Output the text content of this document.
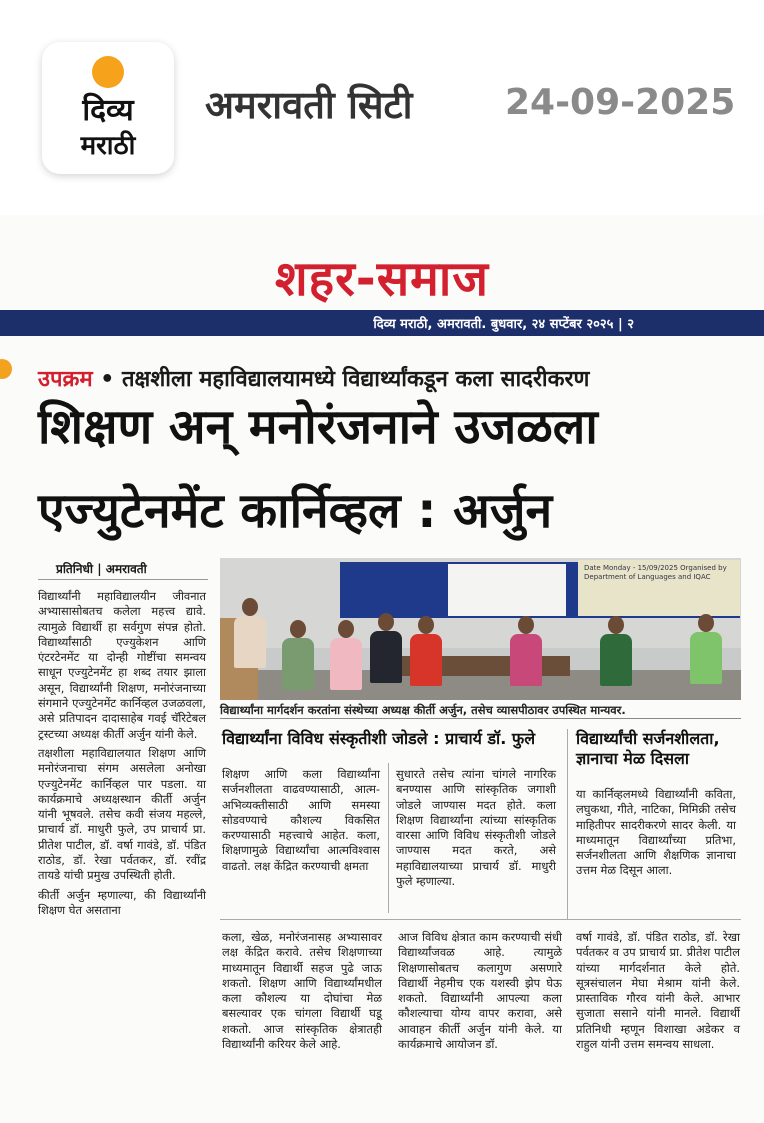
दिव्य
मराठी
अमरावती सिटी	24-09-2025
शहर-समाज
दिव्य मराठी, अमरावती. बुधवार, २४ सप्टेंबर २०२५ | २
उपक्रम • तक्षशीला महाविद्यालयामध्ये विद्यार्थ्यांकडून कला सादरीकरण
शिक्षण अन् मनोरंजनाने उजळला
एज्युटेनमेंट कार्निव्हल : अर्जुन
प्रतिनिधी | अमरावती

विद्यार्थ्यांनी महाविद्यालयीन जीवनात अभ्यासासोबतच कलेला महत्त्व द्यावे. त्यामुळे विद्यार्थी हा सर्वगुण संपन्न होतो. विद्यार्थ्यांसाठी एज्युकेशन आणि एंटरटेनमेंट या दोन्ही गोष्टींचा समन्वय साधून एज्युटेनमेंट हा शब्द तयार झाला असून, विद्यार्थ्यांनी शिक्षण, मनोरंजनाच्या संगमाने एज्युटेनमेंट कार्निव्हल उजळवला, असे प्रतिपादन दादासाहेब गवई चॅरिटेबल ट्रस्टच्या अध्यक्ष कीर्ती अर्जुन यांनी केले.

तक्षशीला महाविद्यालयात शिक्षण आणि मनोरंजनाचा संगम असलेला अनोखा एज्युटेनमेंट कार्निव्हल पार पडला. या कार्यक्रमाचे अध्यक्षस्थान कीर्ती अर्जुन यांनी भूषवले. तसेच कवी संजय महल्ले, प्राचार्य डॉ. माधुरी फुले, उप प्राचार्य प्रा. प्रीतेश पाटील, डॉ. वर्षा गावंडे, डॉ. पंडित राठोड, डॉ. रेखा पर्वतकर, डॉ. रवींद्र तायडे यांची प्रमुख उपस्थिती होती.

कीर्ती अर्जुन म्हणाल्या, की विद्यार्थ्यांनी शिक्षण घेत असताना

Date Monday - 15/09/2025 Organised by Department of Languages and IQAC
विद्यार्थ्यांना मार्गदर्शन करतांना संस्थेच्या अध्यक्ष कीर्ती अर्जुन, तसेच व्यासपीठावर उपस्थित मान्यवर.
विद्यार्थ्यांना विविध संस्कृतीशी जोडले : प्राचार्य डॉ. फुले
शिक्षण आणि कला विद्यार्थ्यांना सर्जनशीलता वाढवण्यासाठी, आत्म-अभिव्यक्तीसाठी आणि समस्या सोडवण्याचे कौशल्य विकसित करण्यासाठी महत्त्वाचे आहेत. कला, शिक्षणामुळे विद्यार्थ्यांचा आत्मविश्वास वाढतो. लक्ष केंद्रित करण्याची क्षमता
सुधारते तसेच त्यांना चांगले नागरिक बनण्यास आणि सांस्कृतिक जगाशी जोडले जाण्यास मदत होते. कला शिक्षण विद्यार्थ्यांना त्यांच्या सांस्कृतिक वारसा आणि विविध संस्कृतीशी जोडले जाण्यास मदत करते, असे महाविद्यालयाच्या प्राचार्य डॉ. माधुरी फुले म्हणाल्या.
विद्यार्थ्यांची सर्जनशीलता, ज्ञानाचा मेळ दिसला
या कार्निव्हलमध्ये विद्यार्थ्यांनी कविता, लघुकथा, गीते, नाटिका, मिमिक्री तसेच माहितीपर सादरीकरणे सादर केली. या माध्यमातून विद्यार्थ्यांच्या प्रतिभा, सर्जनशीलता आणि शैक्षणिक ज्ञानाचा उत्तम मेळ दिसून आला.
कला, खेळ, मनोरंजनासह अभ्यासावर लक्ष केंद्रित करावे. तसेच शिक्षणाच्या माध्यमातून विद्यार्थी सहज पुढे जाऊ शकतो. शिक्षण आणि विद्यार्थ्यांमधील कला कौशल्य या दोघांचा मेळ बसल्यावर एक चांगला विद्यार्थी घडू शकतो. आज सांस्कृतिक क्षेत्रातही विद्यार्थ्यांनी करियर केले आहे.
आज विविध क्षेत्रात काम करण्याची संधी विद्यार्थ्यांजवळ आहे. त्यामुळे शिक्षणासोबतच कलागुण असणारे विद्यार्थी नेहमीच एक यशस्वी झेप घेऊ शकतो. विद्यार्थ्यांनी आपल्या कला कौशल्याचा योग्य वापर करावा, असे आवाहन कीर्ती अर्जुन यांनी केले. या कार्यक्रमाचे आयोजन डॉ.
वर्षा गावंडे, डॉ. पंडित राठोड, डॉ. रेखा पर्वतकर व उप प्राचार्य प्रा. प्रीतेश पाटील यांच्या मार्गदर्शनात केले होते. सूत्रसंचालन मेघा मेश्राम यांनी केले. प्रास्ताविक गौरव यांनी केले. आभार सुजाता ससाने यांनी मानले. विद्यार्थी प्रतिनिधी म्हणून विशाखा अडेकर व राहुल यांनी उत्तम समन्वय साधला.
